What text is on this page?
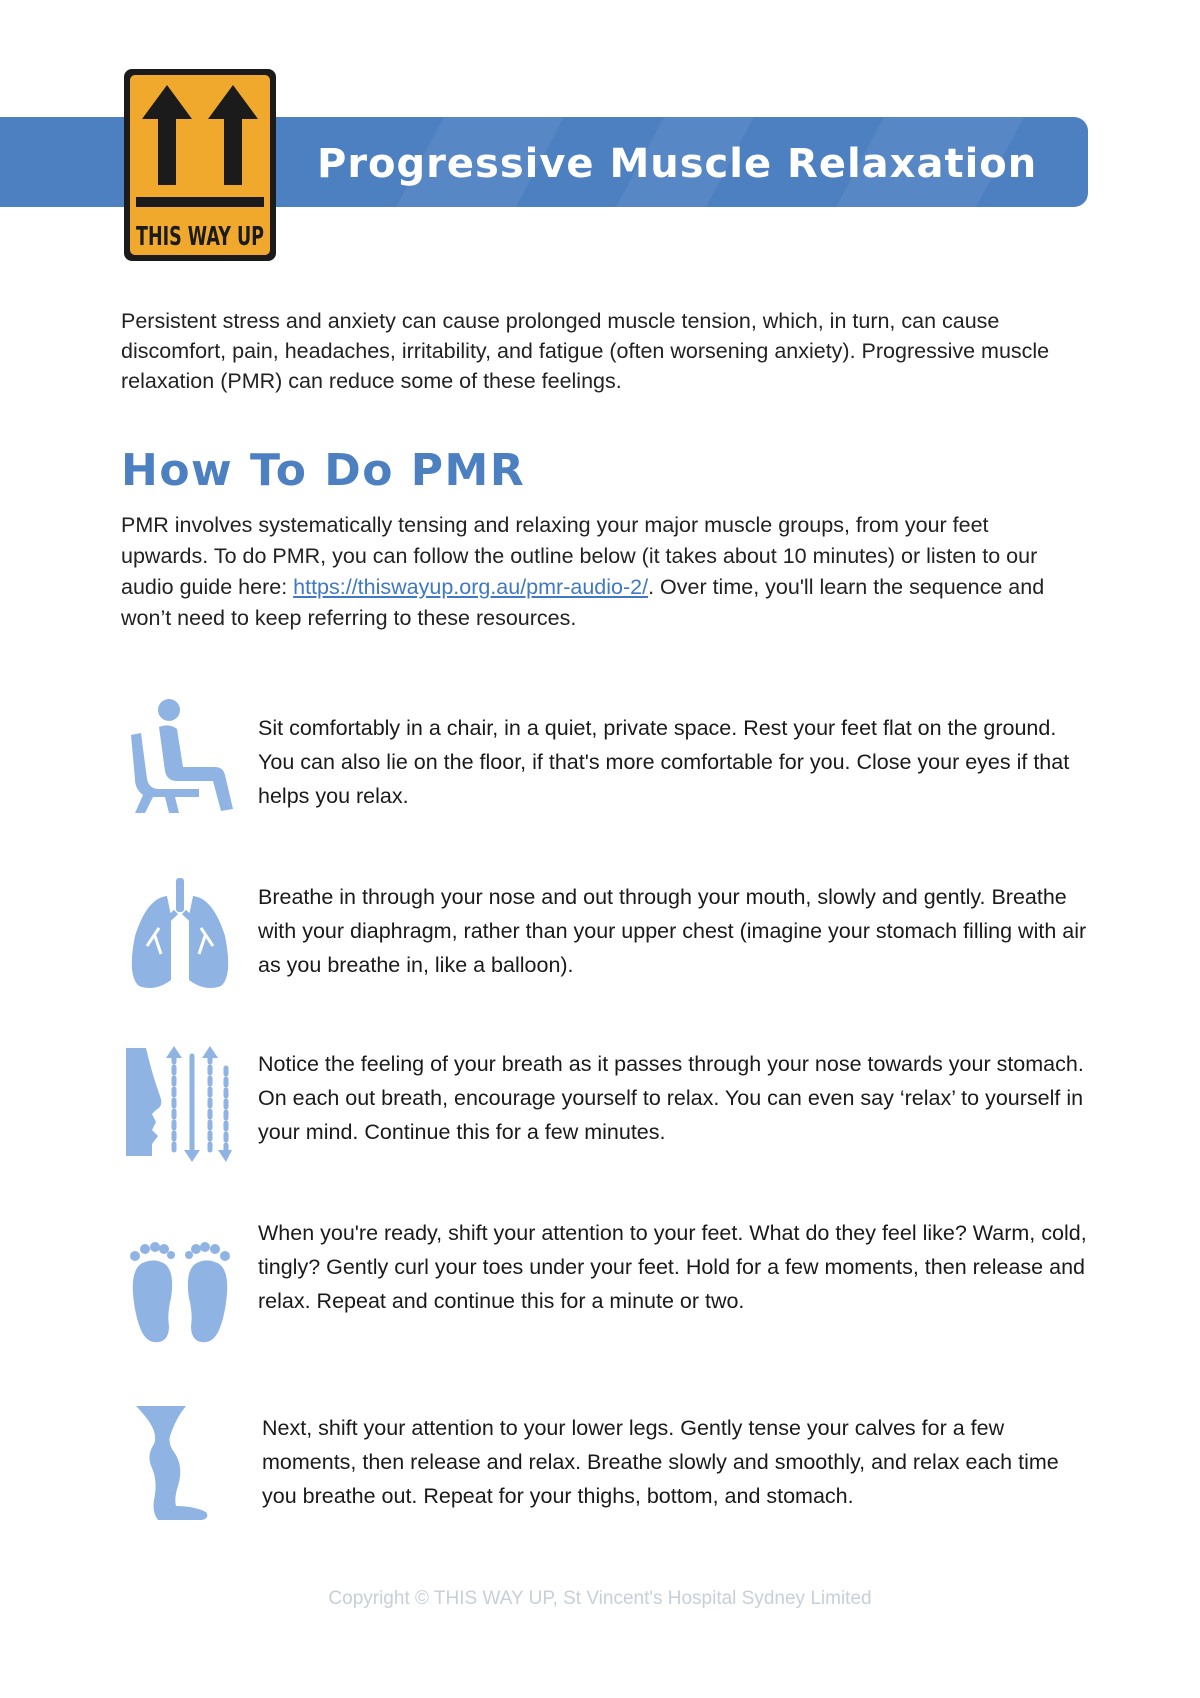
Progressive Muscle Relaxation
THIS WAY UP

Persistent stress and anxiety can cause prolonged muscle tension, which, in turn, can cause discomfort, pain, headaches, irritability, and fatigue (often worsening anxiety). Progressive muscle relaxation (PMR) can reduce some of these feelings.

How To Do PMR
PMR involves systematically tensing and relaxing your major muscle groups, from your feet upwards. To do PMR, you can follow the outline below (it takes about 10 minutes) or listen to our audio guide here: https://thiswayup.org.au/pmr-audio-2/. Over time, you'll learn the sequence and won’t need to keep referring to these resources.

Sit comfortably in a chair, in a quiet, private space. Rest your feet flat on the ground. You can also lie on the floor, if that's more comfortable for you. Close your eyes if that helps you relax.

Breathe in through your nose and out through your mouth, slowly and gently. Breathe with your diaphragm, rather than your upper chest (imagine your stomach filling with air as you breathe in, like a balloon).

Notice the feeling of your breath as it passes through your nose towards your stomach. On each out breath, encourage yourself to relax. You can even say ‘relax’ to yourself in your mind. Continue this for a few minutes.

When you're ready, shift your attention to your feet. What do they feel like? Warm, cold, tingly? Gently curl your toes under your feet. Hold for a few moments, then release and relax. Repeat and continue this for a minute or two.

Next, shift your attention to your lower legs. Gently tense your calves for a few moments, then release and relax. Breathe slowly and smoothly, and relax each time you breathe out. Repeat for your thighs, bottom, and stomach.

Copyright © THIS WAY UP, St Vincent's Hospital Sydney Limited
